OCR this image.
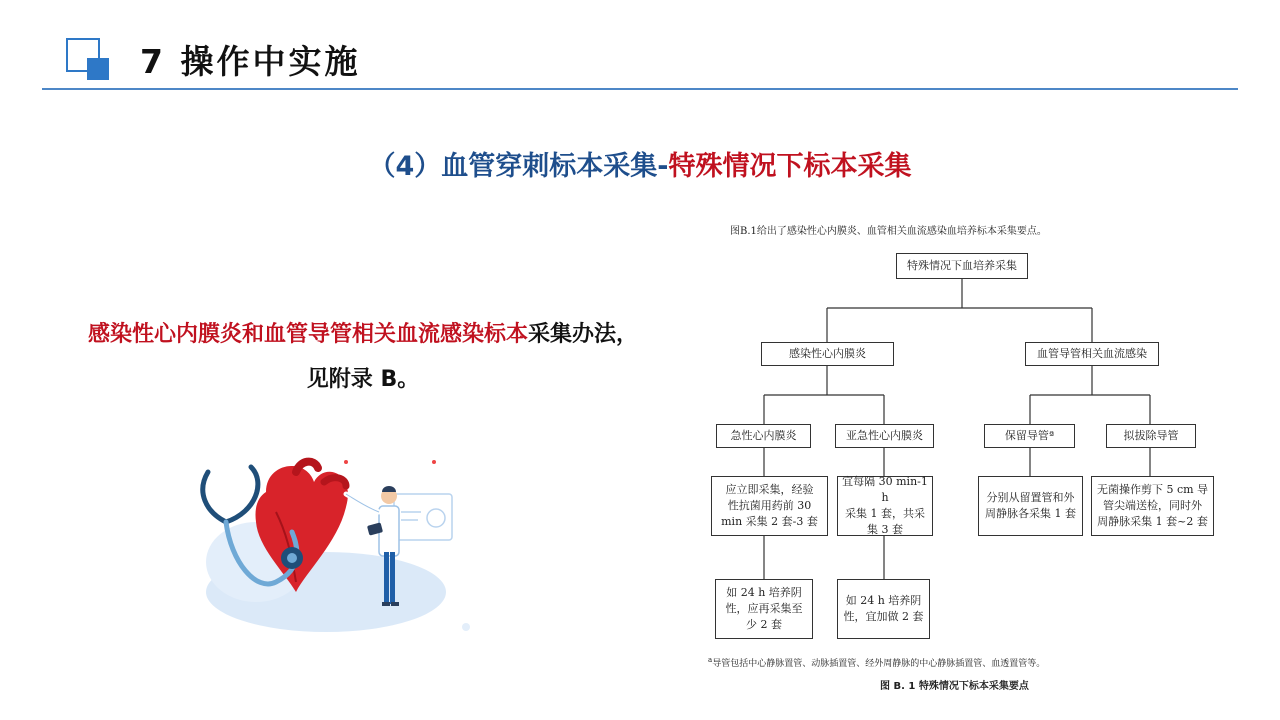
7 操作中实施
（4）血管穿刺标本采集-特殊情况下标本采集
感染性心内膜炎和血管导管相关血流感染标本采集办法，
见附录 B。
图B.1给出了感染性心内膜炎、血管相关血流感染血培养标本采集要点。
特殊情况下血培养采集
感染性心内膜炎	血管导管相关血流感染
急性心内膜炎	亚急性心内膜炎	保留导管ª	拟拔除导管
应立即采集，经验
性抗菌用药前 30
min 采集 2 套-3 套
宜每隔 30 min-1 h
采集 1 套，共采
集 3 套
分别从留置管和外
周静脉各采集 1 套
无菌操作剪下 5 cm 导
管尖端送检，同时外
周静脉采集 1 套~2 套
如 24 h 培养阴
性，应再采集至
少 2 套
如 24 h 培养阴
性，宜加做 2 套
$^a$导管包括中心静脉置管、动脉插置管、经外周静脉的中心静脉插置管、血透置管等。
图 B. 1 特殊情况下标本采集要点
